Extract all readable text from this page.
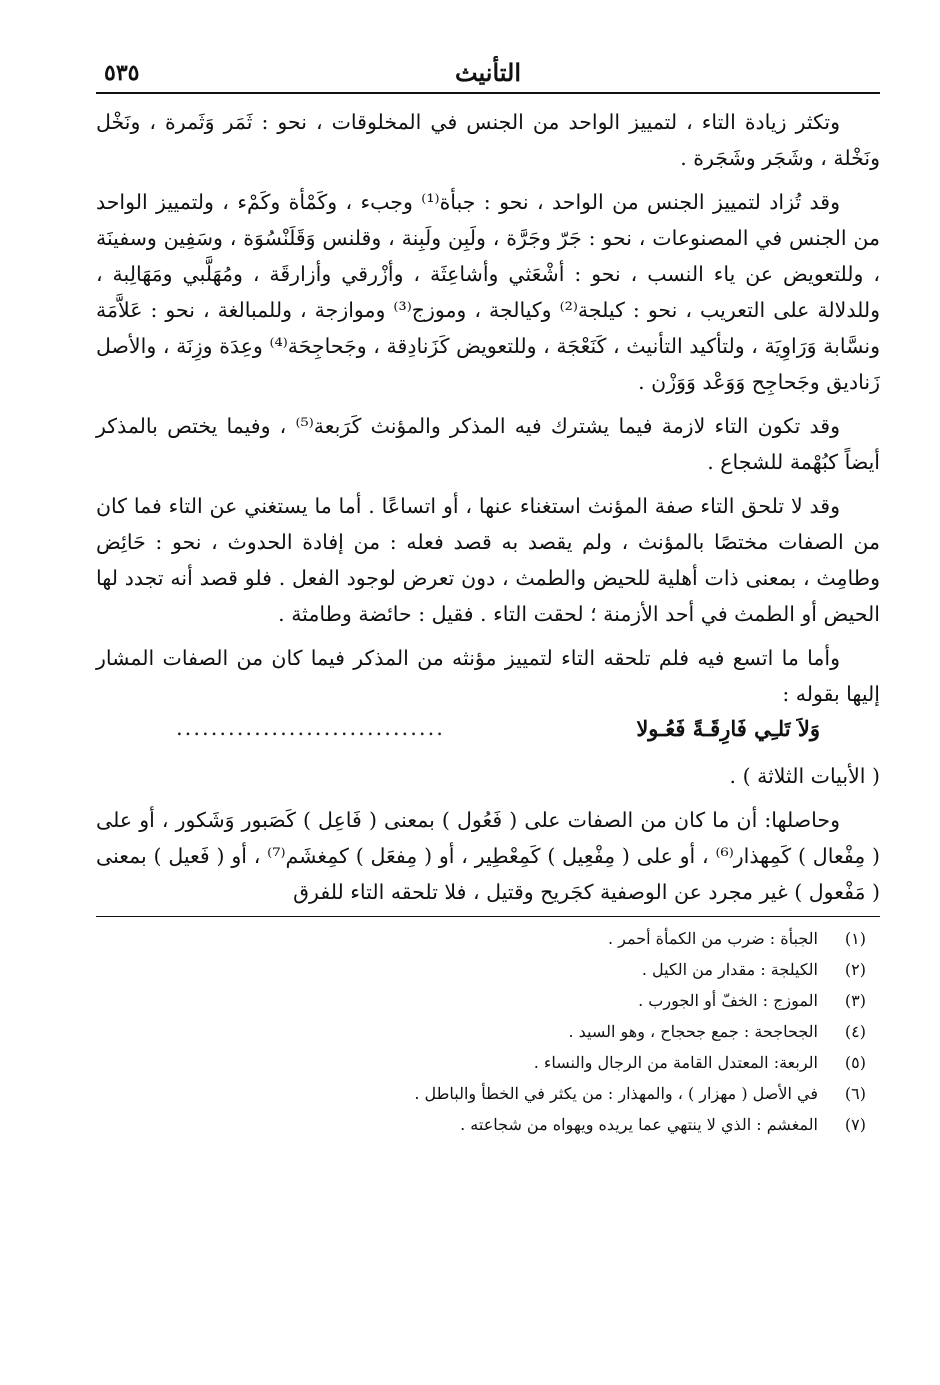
التأنيث
٥٣٥

وتكثر زيادة التاء ، لتمييز الواحد من الجنس في المخلوقات ، نحو : ثَمَر وَثَمرة ، ونَخْل ونَخْلة ، وشَجَر وشَجَرة .

وقد تُزاد لتمييز الجنس من الواحد ، نحو : جبأة⁽¹⁾ وجبء ، وكَمْأة وكَمْء ، ولتمييز الواحد من الجنس في المصنوعات ، نحو : جَرّ وجَرَّة ، ولَبِن ولَبِنة ، وقلنس وَقَلَنْسُوَة ، وسَفِين وسفينَة ، وللتعويض عن ياء النسب ، نحو : أشْعَثي وأشاعِثَة ، وأزْرقي وأزارقَة ، ومُهَلَّبي ومَهَالِبة ، وللدلالة على التعريب ، نحو : كيلجة⁽²⁾ وكيالجة ، وموزج⁽³⁾ وموازجة ، وللمبالغة ، نحو : عَلاَّمَة ونسَّابة وَرَاوِيَة ، ولتأكيد التأنيث ، كَنَعْجَة ، وللتعويض كَزَنادِقة ، وجَحاجِحَة⁽⁴⁾ وعِدَة وزِنَة ، والأصل زَناديق وجَحاجِح وَوَعْد وَوَزْن .

وقد تكون التاء لازمة فيما يشترك فيه المذكر والمؤنث كَرَبعة⁽⁵⁾ ، وفيما يختص بالمذكر أيضاً كبُهْمة للشجاع .

وقد لا تلحق التاء صفة المؤنث استغناء عنها ، أو اتساعًا . أما ما يستغني عن التاء فما كان من الصفات مختصًا بالمؤنث ، ولم يقصد به قصد فعله : من إفادة الحدوث ، نحو : حَائِض وطامِث ، بمعنى ذات أهلية للحيض والطمث ، دون تعرض لوجود الفعل . فلو قصد أنه تجدد لها الحيض أو الطمث في أحد الأزمنة ؛ لحقت التاء . فقيل : حائضة وطامثة .

وأما ما اتسع فيه فلم تلحقه التاء لتمييز مؤنثه من المذكر فيما كان من الصفات المشار إليها بقوله :

وَلاَ تَلـِي فَارِقَـةً فَعُـولا
...............................

( الأبيات الثلاثة ) .

وحاصلها: أن ما كان من الصفات على ( فَعُول ) بمعنى ( فَاعِل ) كَصَبور وَشَكور ، أو على ( مِفْعال ) كَمِهذار⁽⁶⁾ ، أو على ( مِفْعِيل ) كَمِعْطِير ، أو ( مِفعَل ) كمِغشَم⁽⁷⁾ ، أو ( فَعيل ) بمعنى ( مَفْعول ) غير مجرد عن الوصفية كجَريح وقتيل ، فلا تلحقه التاء للفرق

(١)
الجبأة : ضرب من الكمأة أحمر .
(٢)
الكيلجة : مقدار من الكيل .
(٣)
الموزج : الخفّ أو الجورب .
(٤)
الجحاجحة : جمع جحجاح ، وهو السيد .
(٥)
الربعة: المعتدل القامة من الرجال والنساء .
(٦)
في الأصل ( مهزار ) ، والمهذار : من يكثر في الخطأ والباطل .
(٧)
المغشم : الذي لا ينتهي عما يريده ويهواه من شجاعته .
